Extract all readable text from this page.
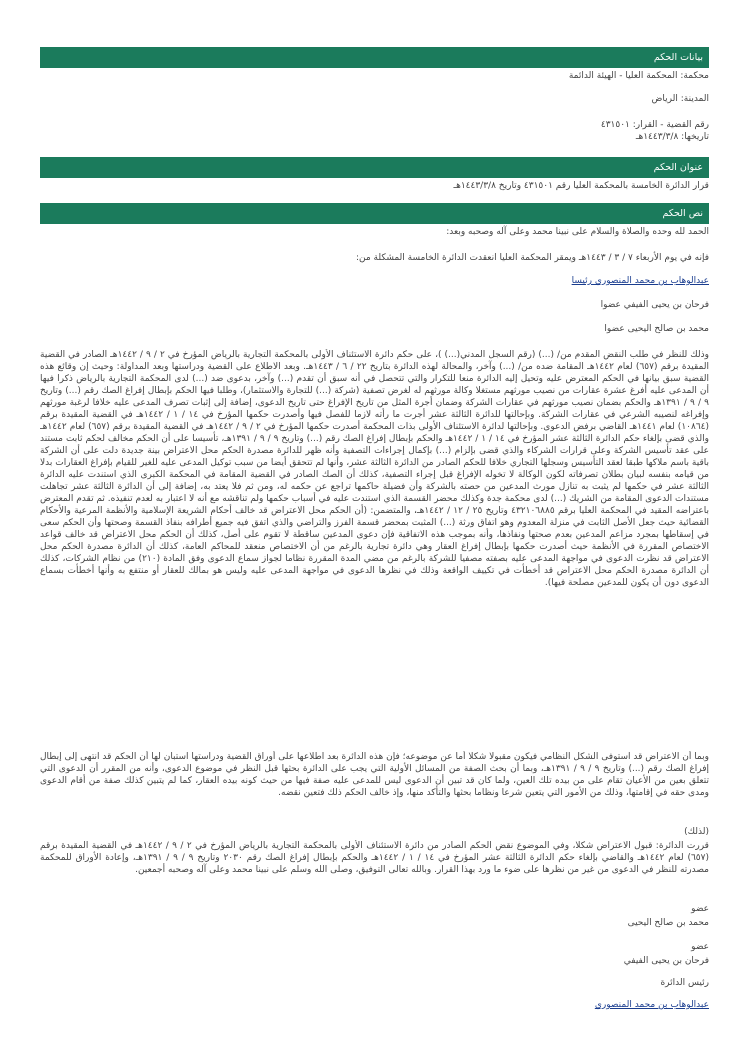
بيانات الحكم
محكمة: المحكمة العليا - الهيئة الدائمة
المدينة: الرياض
رقم القضية - القرار: ٤٣١٥٠١
تاريخها: ١٤٤٣/٣/٨هـ
عنوان الحكم
قرار الدائرة الخامسة بالمحكمة العليا رقم ٤٣١٥٠١ وتاريخ ١٤٤٣/٣/٨هـ
نص الحكم
الحمد لله وحده والصلاة والسلام على نبينا محمد وعلى آله وصحبه وبعد:
فإنه في يوم الأربعاء ٧ / ٣ / ١٤٤٣هـ ويمقر المحكمة العليا انعقدت الدائرة الخامسة المشكلة من:
عبدالوهاب بن محمد المنصوري رئيسا
فرحان بن يحيى الفيفي عضوا
محمد بن صالح اليحيى عضوا
وذلك للنظر في طلب النقض المقدم من/ (...) (رقم السجل المدني(...) )، على حكم دائرة الاستئناف الأولى بالمحكمة التجارية بالرياض المؤرخ في ٢ / ٩ / ١٤٤٢هـ الصادر في القضية المقيدة برقم (٦٥٧) لعام ١٤٤٢هـ المقامة ضده من/ (...) وآخر، والمحالة لهذه الدائرة بتاريخ ٢٢ / ٦ / ١٤٤٣هـ. وبعد الاطلاع على القضية ودراستها وبعد المداولة: وحيث إن وقائع هذه القضية سبق بيانها في الحكم المعترض عليه وتحيل إليه الدائرة منعا للتكرار والتي تتحصل في أنه سبق أن تقدم (...) وآخر، بدعوى ضد (...) لدى المحكمة التجارية بالرياض ذكرا فيها أن المدعى عليه أفرغ عشرة عقارات من نصيب مورثهم مستغلا وكالة مورثهم له لغرض تصفية (شركة (...) للتجارة والاستثمار)، وطلبا فيها الحكم بإبطال إفراغ الصك رقم (...) وتاريخ ٩ / ٩ / ١٣٩١هـ والحكم بضمان نصيب مورثهم في عقارات الشركة وضمان أجرة المثل من تاريخ الإفراغ حتى تاريخ الدعوى، إضافة إلى إثبات تصرف المدعى عليه خلافا لرغبة مورثهم وإفراغه لنصيبه الشرعي في عقارات الشركة. وبإحالتها للدائرة الثالثة عشر أجرت ما رأته لازما للفصل فيها وأصدرت حكمها المؤرخ في ١٤ / ١ / ١٤٤٢هـ في القضية المقيدة برقم (١٠٨٦٤) لعام ١٤٤١هـ القاضي برفض الدعوى. وبإحالتها لدائرة الاستئناف الأولى بذات المحكمة أصدرت حكمها المؤرخ في ٢ / ٩ / ١٤٤٢هـ في القضية المقيدة برقم (٦٥٧) لعام ١٤٤٢هـ والذي قضى بإلغاء حكم الدائرة الثالثة عشر المؤرخ في ١٤ / ١ / ١٤٤٢هـ والحكم بإبطال إفراغ الصك رقم (...) وتاريخ ٩ / ٩ / ١٣٩١هـ، تأسيسا على أن الحكم مخالف لحكم ثابت مستند على عقد تأسيس الشركة وعلى قرارات الشركاء والذي قضى بإلزام (...) بإكمال إجراءات التصفية وأنه ظهر للدائرة مصدرة الحكم محل الاعتراض بينة جديدة دلت على أن الشركة باقية باسم ملاكها طبقا لعقد التأسيس وسجلها التجاري خلافا للحكم الصادر من الدائرة الثالثة عشر، وأنها لم تتحقق أيضا من سبب توكيل المدعى عليه للغير للقيام بإفراغ العقارات بدلا من قيامه بنفسه لبيان بطلان تصرفاته لكون الوكالة لا تخوله الإفراغ قبل إجراء التصفية، كذلك أن الصك الصادر في القضية المقامة في المحكمة الكبرى الذي استندت عليه الدائرة الثالثة عشر في حكمها لم يثبت به تنازل مورث المدعين من حصته بالشركة وأن فضيلة حاكمها تراجع عن حكمه له، ومن ثم فلا يعتد به، إضافة إلى أن الدائرة الثالثة عشر تجاهلت مستندات الدعوى المقامة من الشريك (...) لدى محكمة جدة وكذلك محضر القسمة الذي استندت عليه في أسباب حكمها ولم تناقشه مع أنه لا اعتبار به لعدم تنفيذه. ثم تقدم المعترض باعتراضه المقيد في المحكمة العليا برقم ٤٣٢١٠٦٨٨٥ وتاريخ ٢٥ / ١٢ / ١٤٤٢هـ، والمتضمن: (أن الحكم محل الاعتراض قد خالف أحكام الشريعة الإسلامية والأنظمة المرعية والأحكام القضائية حيث جعل الأصل الثابت في منزلة المعدوم وهو اتفاق ورثة (...) المثبت بمحضر قسمة الفرز والتراضي والذي اتفق فيه جميع أطرافه بنفاذ القسمة وصحتها وأن الحكم سعى في إسقاطها بمجرد مزاعم المدعين بعدم صحتها ونفاذها، وأنه بموجب هذه الاتفاقية فإن دعوى المدعين ساقطة لا تقوم على أصل، كذلك أن الحكم محل الاعتراض قد خالف قواعد الاختصاص المقررة في الأنظمة حيث أصدرت حكمها بإبطال إفراغ العقار وهي دائرة تجارية بالرغم من أن الاختصاص منعقد للمحاكم العامة، كذلك أن الدائرة مصدرة الحكم محل الاعتراض قد نظرت الدعوى في مواجهة المدعى عليه بصفته مصفيا للشركة بالرغم من مضي المدة المقررة نظاما لجواز سماع الدعوى وفق المادة (٢١٠) من نظام الشركات، كذلك أن الدائرة مصدرة الحكم محل الاعتراض قد أخطأت في تكييف الواقعة وذلك في نظرها الدعوى في مواجهة المدعى عليه وليس هو بمالك للعقار أو منتفع به وأنها أخطأت بسماع الدعوى دون أن يكون للمدعين مصلحة فيها).
وبما أن الاعتراض قد استوفى الشكل النظامي فيكون مقبولا شكلا أما عن موضوعه؛ فإن هذه الدائرة بعد اطلاعها على أوراق القضية ودراستها استبان لها أن الحكم قد انتهى إلى إبطال إفراغ الصك رقم (...) وتاريخ ٩ / ٩ / ١٣٩١هـ، وبما أن بحث الصفة من المسائل الأولية التي يجب على الدائرة بحثها قبل النظر في موضوع الدعوى، وأنه من المقرر أن الدعوى التي تتعلق بعين من الأعيان تقام على من بيده تلك العين، ولما كان قد تبين أن الدعوى ليس للمدعى عليه صفة فيها من حيث كونه بيده العقار، كما لم يتبين كذلك صفة من أقام الدعوى ومدى حقه في إقامتها، وذلك من الأمور التي يتعين شرعا ونظاما بحثها والتأكد منها، وإذ خالف الحكم ذلك فتعين نقضه.
(لذلك)
قررت الدائرة: قبول الاعتراض شكلا، وفي الموضوع نقض الحكم الصادر من دائرة الاستئناف الأولى بالمحكمة التجارية بالرياض المؤرخ في ٢ / ٩ / ١٤٤٢هـ في القضية المقيدة برقم (٦٥٧) لعام ١٤٤٢هـ والقاضي بإلغاء حكم الدائرة الثالثة عشر المؤرخ في ١٤ / ١ / ١٤٤٢هـ والحكم بإبطال إفراغ الصك رقم ٢٠٣٠ وتاريخ ٩ / ٩ / ١٣٩١هـ، وإعادة الأوراق للمحكمة مصدرته للنظر في الدعوى من غير من نظرها على ضوء ما ورد بهذا القرار. وبالله تعالى التوفيق، وصلى الله وسلم على نبينا محمد وعلى آله وصحبه أجمعين.
عضو
محمد بن صالح اليحيى
عضو
فرحان بن يحيى الفيفي
رئيس الدائرة
عبدالوهاب بن محمد المنصوري
